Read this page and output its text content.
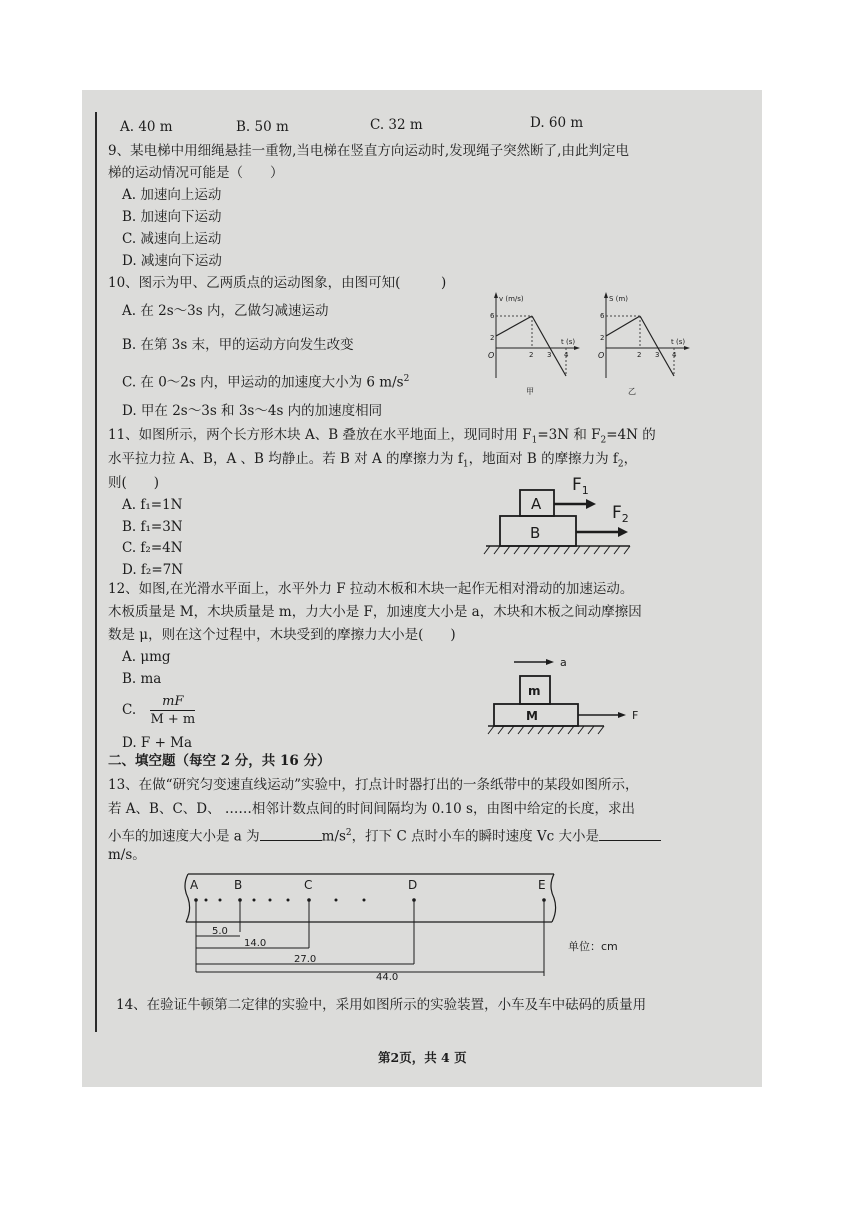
A. 40 m	B. 50 m	C. 32 m	D. 60 m
9、某电梯中用细绳悬挂一重物,当电梯在竖直方向运动时,发现绳子突然断了,由此判定电
梯的运动情况可能是（　　）
A. 加速向上运动
B. 加速向下运动
C. 减速向上运动
D. 减速向下运动
10、图示为甲、乙两质点的运动图象，由图可知(　　　)
A. 在 2s～3s 内，乙做匀减速运动
B. 在第 3s 末，甲的运动方向发生改变
C. 在 0～2s 内，甲运动的加速度大小为 6 $m/s^2$
D. 甲在 2s～3s 和 3s～4s 内的加速度相同
v (m/s)
t (s)
6
2
O	2 3 4
甲
S (m)
t (s)
6
2
O	2 3 4
乙
11、如图所示，两个长方形木块 A、B 叠放在水平地面上，现同时用 $F_1=3N$ 和 $F_2=4N$ 的
水平拉力拉 A、B，A 、B 均静止。若 B 对 A 的摩擦力为 $f_1$，地面对 B 的摩擦力为 $f_2$，
则(　　)
A. f₁=1N
B. f₁=3N
C. f₂=4N
D. f₂=7N
A
B
$F_1$
$F_2$
12、如图,在光滑水平面上，水平外力 F 拉动木板和木块一起作无相对滑动的加速运动。
木板质量是 M，木块质量是 m，力大小是 F，加速度大小是 a，木块和木板之间动摩擦因
数是 μ，则在这个过程中，木块受到的摩擦力大小是(　　)
A. μmg
B. ma
C. $\frac{mF}{M + m}$
D. F + Ma
a
m
M	F
二、填空题（每空 2 分，共 16 分）
13、在做“研究匀变速直线运动”实验中，打点计时器打出的一条纸带中的某段如图所示，
若 A、B、C、D、 ……相邻计数点间的时间间隔均为 0.10 s，由图中给定的长度，求出
小车的加速度大小是 a 为	$m/s^2$，打下 C 点时小车的瞬时速度 Vc 大小是
m/s。
A	B	C	D	E
5.0
14.0
27.0
44.0
单位：cm
14、在验证牛顿第二定律的实验中，采用如图所示的实验装置，小车及车中砝码的质量用
第2页，共 4 页
